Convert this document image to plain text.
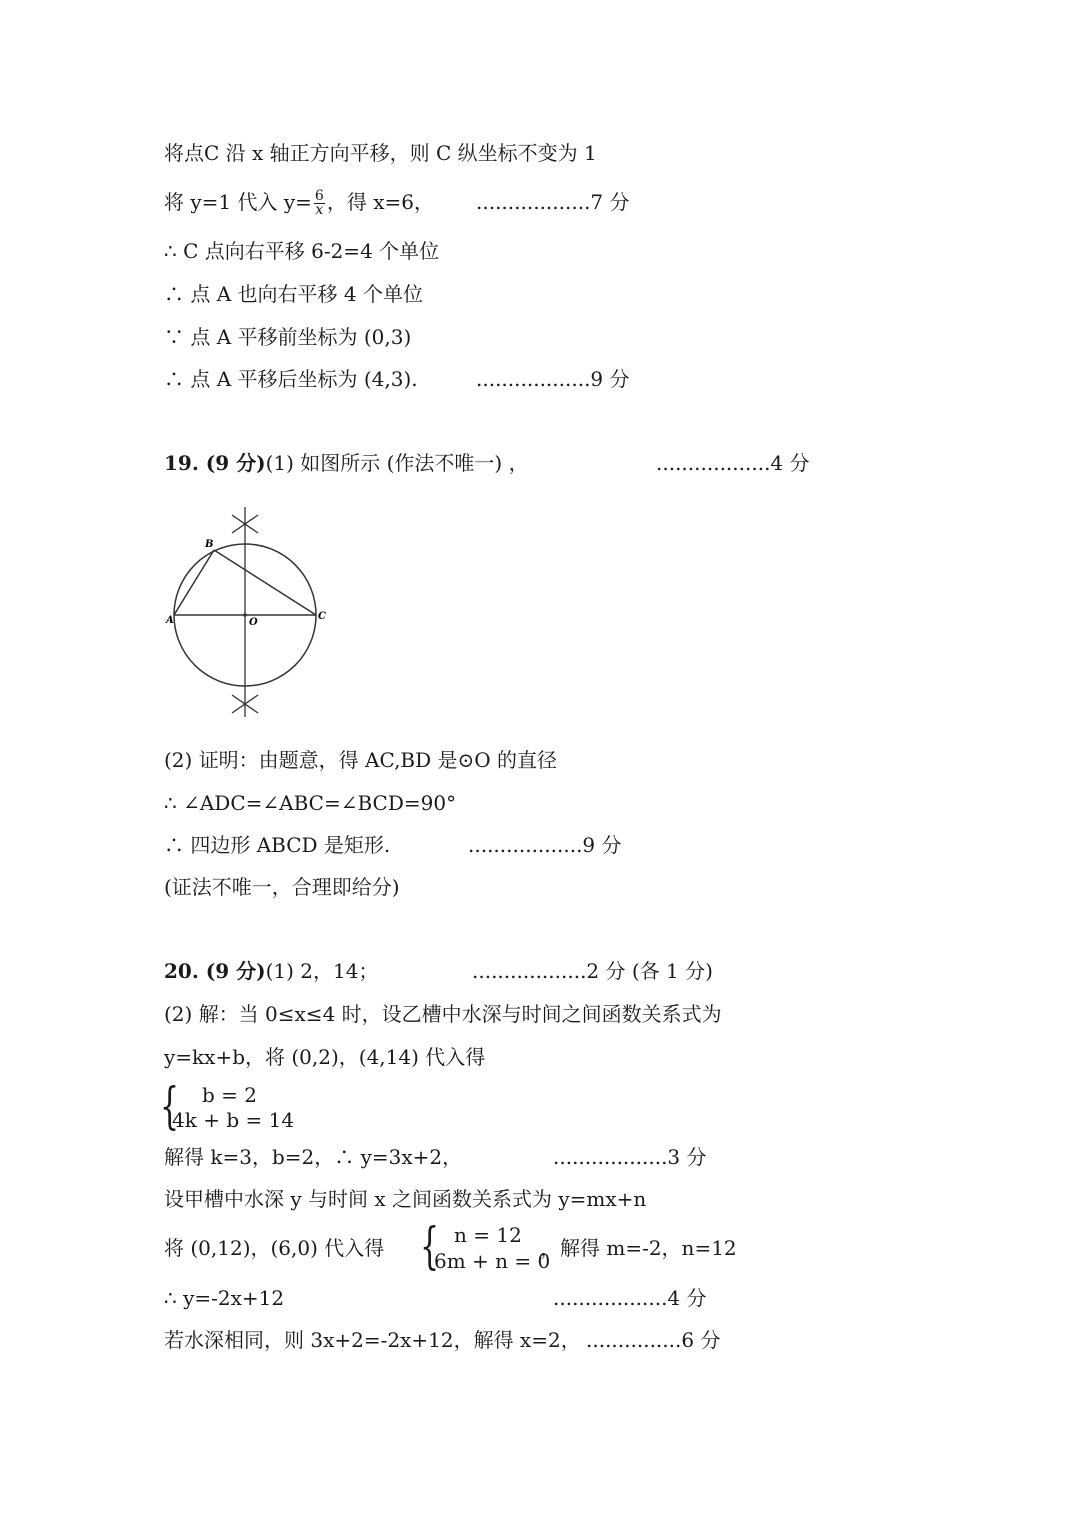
将点C 沿 x 轴正方向平移，则 C 纵坐标不变为 1
将 y=1 代入 $y= \frac{6}{x}$ ，得 x=6， ..................7 分
∴ C 点向右平移 6-2=4 个单位
∴ 点 A 也向右平移 4 个单位
∵ 点 A 平移前坐标为 (0,3)
∴ 点 A 平移后坐标为 (4,3).	..................9 分
19. (9 分)(1) 如图所示 (作法不唯一) ，	..................4 分
B
A	O
C
(2) 证明：由题意，得 AC,BD 是⊙O 的直径
∴ ∠ADC=∠ABC=∠BCD=90°
∴ 四边形 ABCD 是矩形.	..................9 分
(证法不唯一，合理即给分)
20. (9 分)(1) 2，14；	..................2 分 (各 1 分)
(2) 解：当 0≤x≤4 时，设乙槽中水深与时间之间函数关系式为
y=kx+b，将 (0,2)，(4,14) 代入得
{ b = 2
4k + b = 14
解得 k=3，b=2，∴ y=3x+2，	..................3 分
设甲槽中水深 y 与时间 x 之间函数关系式为 y=mx+n
将 (0,12)，(6,0) 代入得 { n = 12
6m + n = 0
，解得 m=-2，n=12
∴ y=-2x+12	..................4 分
若水深相同，则 3x+2=-2x+12，解得 x=2， ...............6 分
